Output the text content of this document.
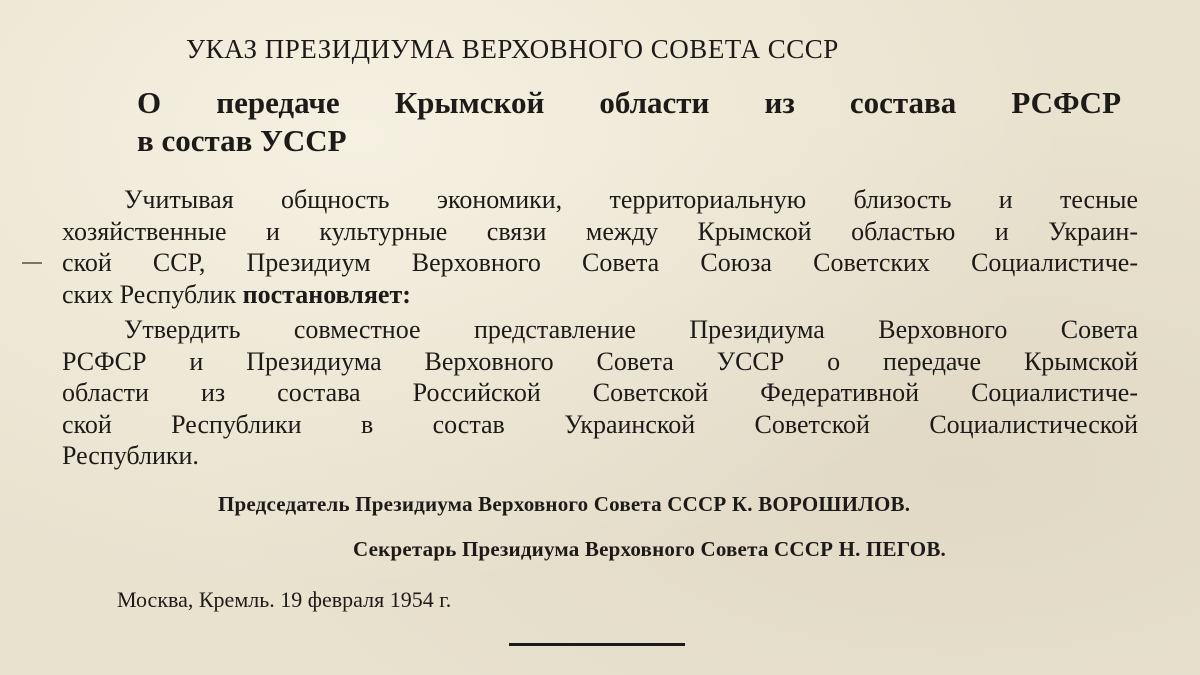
УКАЗ ПРЕЗИДИУМА ВЕРХОВНОГО СОВЕТА СССР
О передаче Крымской области из состава РСФСР
в состав УССР
Учитывая общность экономики, территориальную близость и тесные
хозяйственные и культурные связи между Крымской областью и Украин-
ской ССР, Президиум Верховного Совета Союза Советских Социалистиче-
ских Республик постановляет:
Утвердить совместное представление Президиума Верховного Совета
РСФСР и Президиума Верховного Совета УССР о передаче Крымской
области из состава Российской Советской Федеративной Социалистиче-
ской Республики в состав Украинской Советской Социалистической
Республики.
Председатель Президиума Верховного Совета СССР К. ВОРОШИЛОВ.
Секретарь Президиума Верховного Совета СССР Н. ПЕГОВ.
Москва, Кремль. 19 февраля 1954 г.
